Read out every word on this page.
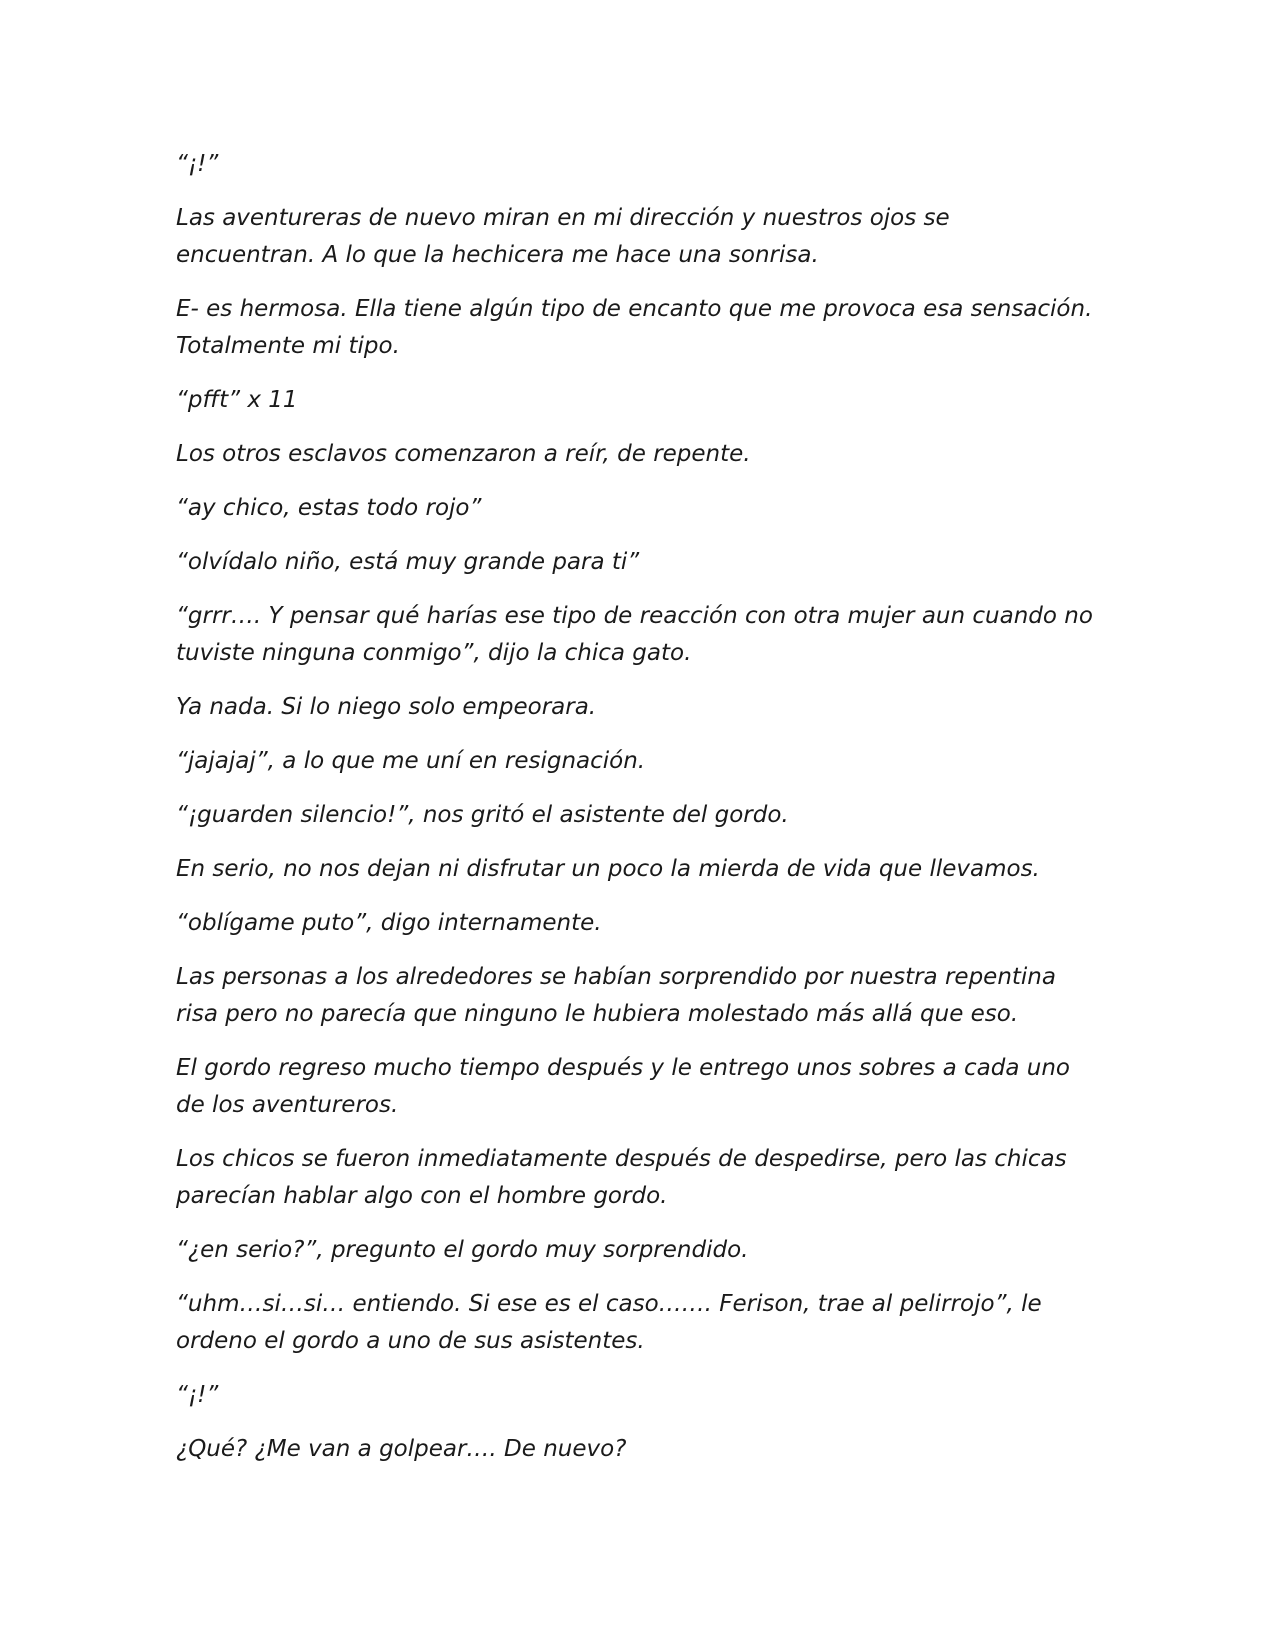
“¡!”

Las aventureras de nuevo miran en mi dirección y nuestros ojos se encuentran. A lo que la hechicera me hace una sonrisa.

E- es hermosa. Ella tiene algún tipo de encanto que me provoca esa sensación. Totalmente mi tipo.

“pfft” x 11

Los otros esclavos comenzaron a reír, de repente.

“ay chico, estas todo rojo”

“olvídalo niño, está muy grande para ti”

“grrr…. Y pensar qué harías ese tipo de reacción con otra mujer aun cuando no tuviste ninguna conmigo”, dijo la chica gato.

Ya nada. Si lo niego solo empeorara.

“jajajaj”, a lo que me uní en resignación.

“¡guarden silencio!”, nos gritó el asistente del gordo.

En serio, no nos dejan ni disfrutar un poco la mierda de vida que llevamos.

“oblígame puto”, digo internamente.

Las personas a los alrededores se habían sorprendido por nuestra repentina risa pero no parecía que ninguno le hubiera molestado más allá que eso.

El gordo regreso mucho tiempo después y le entrego unos sobres a cada uno de los aventureros.

Los chicos se fueron inmediatamente después de despedirse, pero las chicas parecían hablar algo con el hombre gordo.

“¿en serio?”, pregunto el gordo muy sorprendido.

“uhm…si…si… entiendo. Si ese es el caso……. Ferison, trae al pelirrojo”, le ordeno el gordo a uno de sus asistentes.

“¡!”

¿Qué? ¿Me van a golpear…. De nuevo?
